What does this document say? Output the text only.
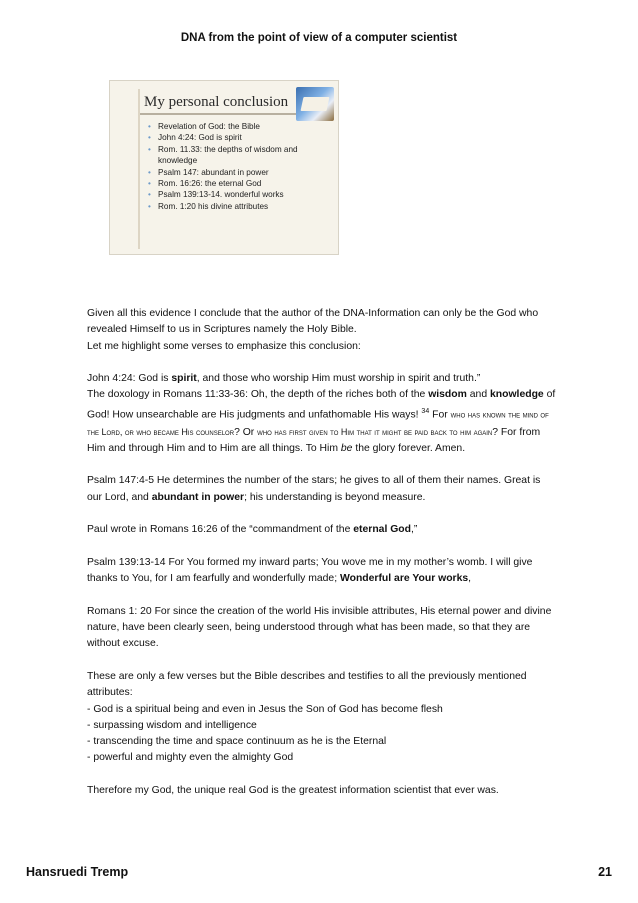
DNA from the point of view of a computer scientist
My personal conclusion
• Revelation of God: the Bible
• John 4:24: God is spirit
• Rom. 11.33: the depths of wisdom and knowledge
• Psalm 147: abundant in power
• Rom. 16:26: the eternal God
• Psalm 139:13-14. wonderful works
• Rom. 1:20 his divine attributes

Given all this evidence I conclude that the author of the DNA-Information can only be the God who revealed Himself to us in Scriptures namely the Holy Bible.

Let me highlight some verses to emphasize this conclusion:

John 4:24: God is spirit, and those who worship Him must worship in spirit and truth.”

The doxology in Romans 11:33-36: Oh, the depth of the riches both of the wisdom and knowledge of God! How unsearchable are His judgments and unfathomable His ways! $^{34}$ For who has known the mind of the Lord, or who became His counselor? Or who has first given to Him that it might be paid back to him again? For from Him and through Him and to Him are all things. To Him be the glory forever. Amen.

Psalm 147:4-5 He determines the number of the stars; he gives to all of them their names. Great is our Lord, and abundant in power; his understanding is beyond measure.

Paul wrote in Romans 16:26 of the “commandment of the eternal God,”

Psalm 139:13-14 For You formed my inward parts; You wove me in my mother’s womb. I will give thanks to You, for I am fearfully and wonderfully made; Wonderful are Your works,

Romans 1: 20 For since the creation of the world His invisible attributes, His eternal power and divine nature, have been clearly seen, being understood through what has been made, so that they are without excuse.

These are only a few verses but the Bible describes and testifies to all the previously mentioned attributes:

- God is a spiritual being and even in Jesus the Son of God has become flesh
- surpassing wisdom and intelligence
- transcending the time and space continuum as he is the Eternal
- powerful and mighty even the almighty God

Therefore my God, the unique real God is the greatest information scientist that ever was.

Hansruedi Tremp	21
